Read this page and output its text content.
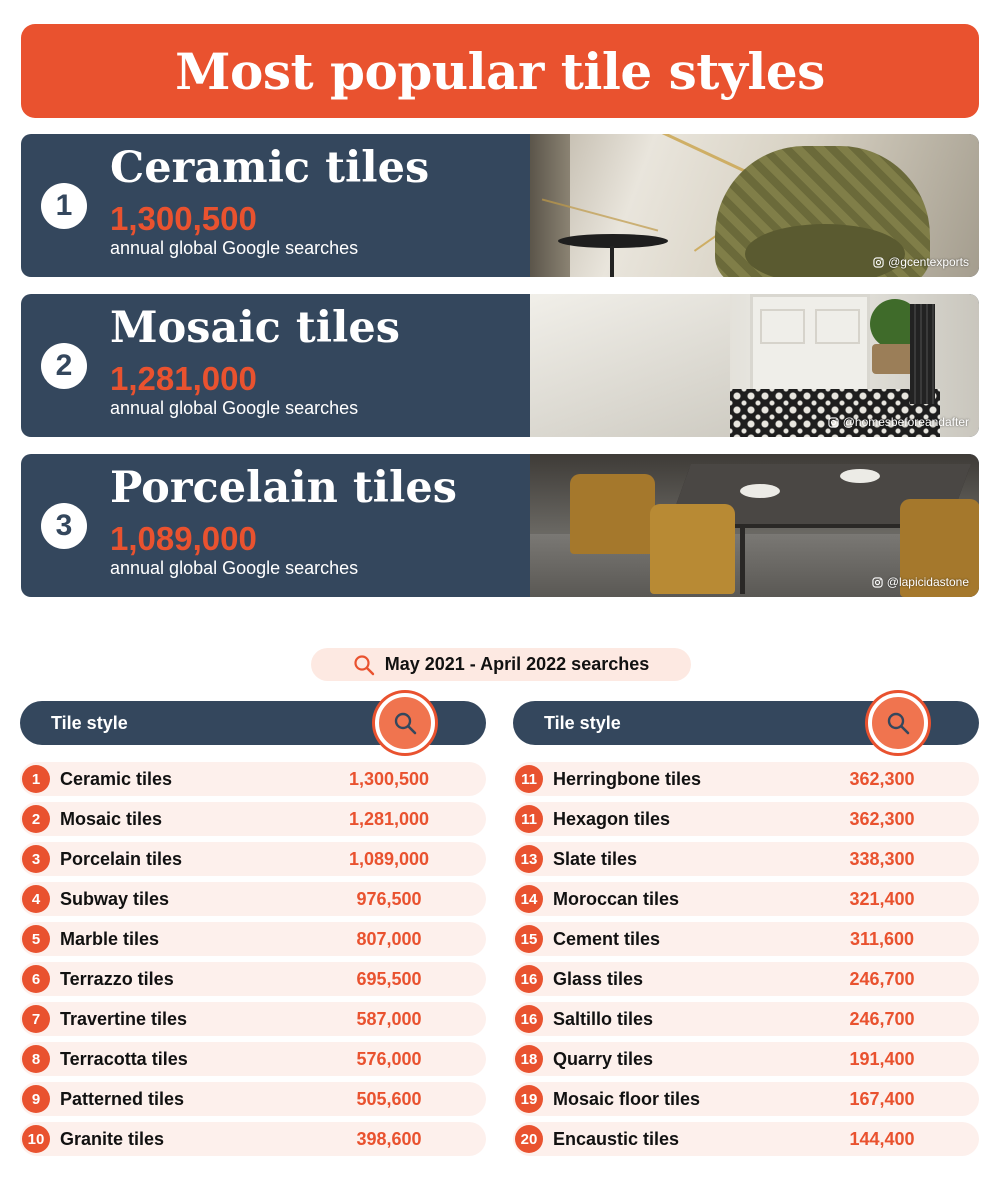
Most popular tile styles
1
Ceramic tiles
1,300,500
annual global Google searches
@gcentexports
2
Mosaic tiles
1,281,000
annual global Google searches
@homesbeforeandafter
3
Porcelain tiles
1,089,000
annual global Google searches
@lapicidastone
May 2021 - April 2022 searches
Tile style	Tile style
1	Ceramic tiles	1,300,500
2	Mosaic tiles	1,281,000
3	Porcelain tiles	1,089,000
4	Subway tiles	976,500
5	Marble tiles	807,000
6	Terrazzo tiles	695,500
7	Travertine tiles	587,000
8	Terracotta tiles	576,000
9	Patterned tiles	505,600
10 Granite tiles	398,600
11 Herringbone tiles	362,300
11 Hexagon tiles	362,300
13 Slate tiles	338,300
14 Moroccan tiles	321,400
15 Cement tiles	311,600
16 Glass tiles	246,700
16 Saltillo tiles	246,700
18 Quarry tiles	191,400
19 Mosaic floor tiles	167,400
20 Encaustic tiles	144,400
